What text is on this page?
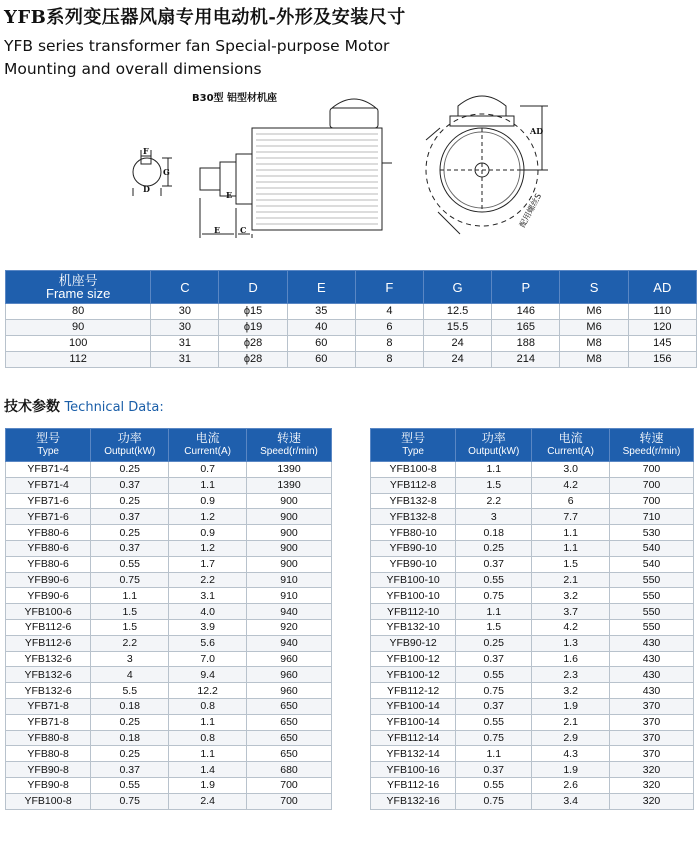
YFB系列变压器风扇专用电动机-外形及安装尺寸
YFB series transformer fan Special-purpose Motor
Mounting and overall dimensions
B30型 铝型材机座
F
G
D
E C
E
AD
配用螺丝S
机座号
Frame size	C	D	E	F	G	P	S	AD
80	30	ϕ15	35	4	12.5	146	M6	110
90	30	ϕ19	40	6	15.5	165	M6	120
100	31	ϕ28	60	8	24	188	M8	145
112	31	ϕ28	60	8	24	214	M8	156
技术参数 Technical Data:
型号
Type	功率
Output(kW)	电流
Current(A)	转速
Speed(r/min)

YFB71-4	0.25	0.7	1390
YFB71-4	0.37	1.1	1390
YFB71-6	0.25	0.9	900
YFB71-6	0.37	1.2	900
YFB80-6	0.25	0.9	900
YFB80-6	0.37	1.2	900
YFB80-6	0.55	1.7	900
YFB90-6	0.75	2.2	910
YFB90-6	1.1	3.1	910
YFB100-6	1.5	4.0	940
YFB112-6	1.5	3.9	920
YFB112-6	2.2	5.6	940
YFB132-6	3	7.0	960
YFB132-6	4	9.4	960
YFB132-6	5.5	12.2	960
YFB71-8	0.18	0.8	650
YFB71-8	0.25	1.1	650
YFB80-8	0.18	0.8	650
YFB80-8	0.25	1.1	650
YFB90-8	0.37	1.4	680
YFB90-8	0.55	1.9	700
YFB100-8	0.75	2.4	700
型号
Type	功率
Output(kW)	电流
Current(A)	转速
Speed(r/min)

YFB100-8	1.1	3.0	700
YFB112-8	1.5	4.2	700
YFB132-8	2.2	6	700
YFB132-8	3	7.7	710
YFB80-10	0.18	1.1	530
YFB90-10	0.25	1.1	540
YFB90-10	0.37	1.5	540
YFB100-10	0.55	2.1	550
YFB100-10	0.75	3.2	550
YFB112-10	1.1	3.7	550
YFB132-10	1.5	4.2	550
YFB90-12	0.25	1.3	430
YFB100-12	0.37	1.6	430
YFB100-12	0.55	2.3	430
YFB112-12	0.75	3.2	430
YFB100-14	0.37	1.9	370
YFB100-14	0.55	2.1	370
YFB112-14	0.75	2.9	370
YFB132-14	1.1	4.3	370
YFB100-16	0.37	1.9	320
YFB112-16	0.55	2.6	320
YFB132-16	0.75	3.4	320
